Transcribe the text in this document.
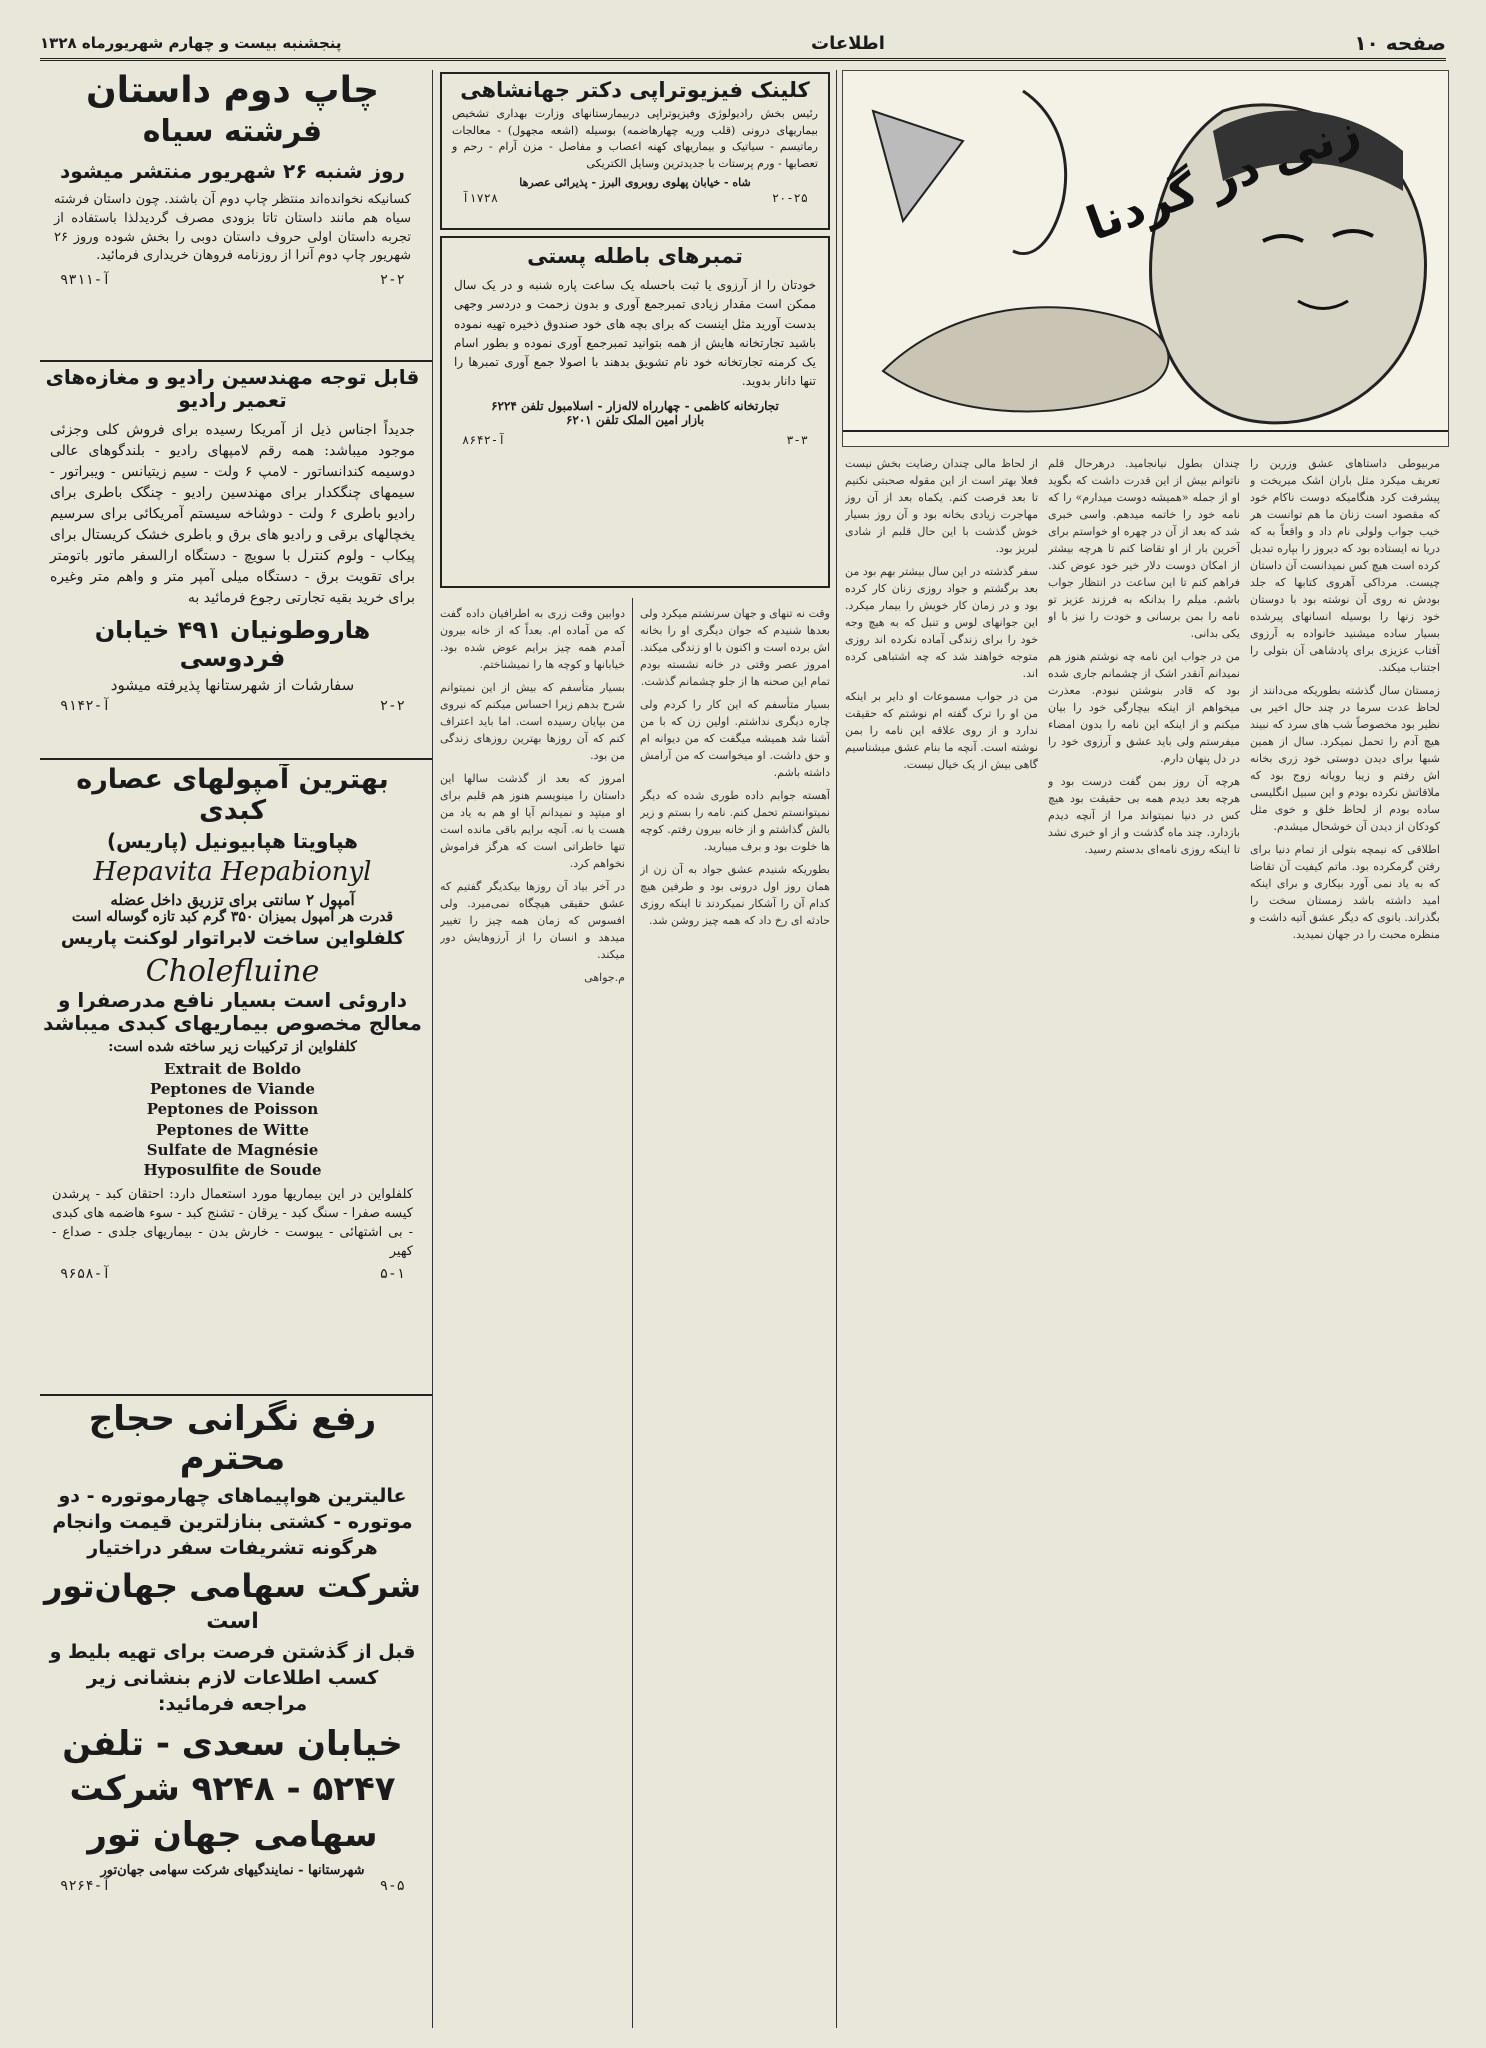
صفحه ۱۰
اطلاعات
پنجشنبه بیست و چهارم شهریورماه ۱۳۲۸
چاپ دوم داستان
فرشته سیاه
روز شنبه ۲۶ شهریور منتشر میشود
کسانیکه نخوانده‌اند منتظر چاپ دوم آن باشند. چون داستان فرشته سیاه هم مانند داستان تاتا بزودی مصرف گردیدلذا باستفاده از تجربه داستان اولی حروف داستان دوبی را بخش شوده وروز ۲۶ شهریور چاپ دوم آنرا از روزنامه فروهان خریداری فرمائید.
۲-۲
آ-۹۳۱۱
قابل توجه مهندسین رادیو و مغازه‌های تعمیر رادیو
جدیداً اجناس ذیل از آمریکا رسیده برای فروش کلی وجزئی موجود میباشد: همه رقم لامپهای رادیو - بلندگوهای عالی دوسیمه کندانساتور - لامپ ۶ ولت - سیم زیتیانس - ویبراتور - سیمهای چنگکدار برای مهندسین رادیو - چنگک باطری برای رادیو باطری ۶ ولت - دوشاخه سیستم آمریکائی برای سرسیم یخچالهای برقی و رادیو های برق و باطری خشک کریستال برای پیکاب - ولوم کنترل با سویچ - دستگاه ارالسفر ماتور باتومتر برای تقویت برق - دستگاه میلی آمپر متر و واهم متر وغیره برای خرید بقیه تجارتی رجوع فرمائید به
هاروطونیان ۴۹۱ خیابان فردوسی
سفارشات از شهرستانها پذیرفته میشود
۲-۲
آ-۹۱۴۲
بهترین آمپولهای عصاره کبدی
هپاویتا هپابیونیل (پاریس)
Hepavita Hepabionyl
آمپول ۲ سانتی برای تزریق داخل عضله
قدرت هر آمپول بمیزان ۳۵۰ گرم کبد تازه گوساله است
کلفلواین ساخت لابراتوار لوکنت پاریس
Cholefluine
داروئی است بسیار نافع مدرصفرا و
معالج مخصوص بیماریهای کبدی میباشد
کلفلواین از ترکیبات زیر ساخته شده است:
Extrait de Boldo
Peptones de Viande
Peptones de Poisson
Peptones de Witte
Sulfate de Magnésie
Hyposulfite de Soude
کلفلواین در این بیماریها مورد استعمال دارد: احتقان کبد - پرشدن کیسه صفرا - سنگ کبد - یرقان - تشنج کبد - سوء هاضمه های کبدی - بی اشتهائی - یبوست - خارش بدن - بیماریهای جلدی - صداع - کهیر
۵-۱
آ-۹۶۵۸
رفع نگرانی حجاج محترم
عالیترین هواپیماهای چهارموتوره - دو
موتوره - کشتی بنازلترین قیمت وانجام
هرگونه تشریفات سفر دراختیار
شرکت سهامی جهان‌تور
است
قبل از گذشتن فرصت برای تهیه بلیط و
کسب اطلاعات لازم بنشانی زیر
مراجعه فرمائید:
خیابان سعدی - تلفن
۵۲۴۷ - ۹۲۴۸ شرکت
سهامی جهان تور
شهرستانها - نمایندگیهای شرکت سهامی جهان‌تور
۹-۵
آ-۹۲۶۴
کلینک فیزیوتراپی دکتر جهانشاهی
رئیس بخش رادیولوژی وفیزیوتراپی دربیمارستانهای وزارت بهداری تشخیص بیماریهای درونی (قلب وریه چهارهاضمه) بوسیله (اشعه مجهول) - معالجات رماتیسم - سیاتیک و بیماریهای کهنه اعصاب و مفاصل - مزن آرام - رحم و تعصابها - ورم پرستات با جدیدترین وسایل الکتریکی
شاه - خیابان پهلوی روبروی البرز - پذیرائی عصرها
۲۰-۲۵
۱۷۲۸آ
تمبرهای باطله پستی
خودتان را از آرزوی یا ثبت باحسله یک ساعت پاره شنبه و در یک سال ممکن است مقدار زیادی تمبرجمع آوری و بدون زحمت و دردسر وجهی بدست آورید مثل اینست که برای بچه های خود صندوق ذخیره تهیه نموده باشید تجارتخانه هایش از همه بتوانید تمبرجمع آوری نموده و بطور اسام یک کرمنه تجارتخانه خود نام تشویق بدهند با اصولا جمع آوری تمبرها را تنها دانار بدوید.
تجارتخانه کاظمی - چهارراه لاله‌زار - اسلامبول تلفن ۶۲۲۴
بازار امین الملک تلفن ۶۲۰۱
۳-۳
آ-۸۶۴۲
زنی در گردنا

مربیوطی داستاهای عشق وزرین را تعریف میکرد مثل باران اشک میریخت و پیشرفت کرد هنگامیکه دوست ناکام خود که مقصود است زنان ما هم توانست هر خیب جواب ولولی نام داد و واقعاً به که دریا نه ایستاده بود که دیروز را بپاره تبدیل کرده است هیچ کس نمیدانست آن داستان چیست. مرداکی آهروی کتابها که جلد بودش نه روی آن نوشته بود با دوستان خود زنها را بوسیله انسانهای پیرشده بسیار ساده میشنید خانواده به آرزوی آفتاب عزیزی برای پادشاهی آن بتولی را اجتناب میکند.

زمستان سال گذشته بطوریکه می‌دانند از لحاظ عدت سرما در چند حال اخیر بی نظیر بود مخصوصاً شب های سرد که نبیند هیچ آدم را تحمل نمیکرد. سال از همین شبها برای دیدن دوستی خود زری بخانه اش رفتم و زیبا رویانه زوج بود که ملاقاتش نکرده بودم و این سبیل انگلیسی ساده بودم از لحاظ خلق و خوی مثل کودکان از دیدن آن خوشحال میشدم.

اطلاقی که نیمچه بتولی از تمام دنیا برای رفتن گرمکرده بود. ماتم کیفیت آن تقاضا که به یاد نمی آورد بیکاری و برای اینکه امید داشته باشد زمستان سخت را بگذراند. بانوی که دیگر عشق آتیه داشت و منظره محبت را در جهان نمیدید.

چندان بطول نیانجامید. درهرحال قلم ناتوانم بیش از این قدرت داشت که بگوید او از جمله «همیشه دوست میدارم» را که نامه خود را خاتمه میدهم. واسی خبری شد که بعد از آن در چهره او خواستم برای آخرین بار از او تقاضا کنم تا هرچه بیشتر از امکان دوست دلار خیر خود عوض کند. فراهم کنم تا این ساعت در انتظار جواب باشم. میلم را بدانکه به فرزند عزیز تو نامه را بمن برسانی و خودت را نیز با او یکی بدانی.

من در جواب این نامه چه نوشتم هنوز هم نمیدانم آنقدر اشک از چشمانم جاری شده بود که قادر بنوشتن نبودم. معذرت میخواهم از اینکه بیچارگی خود را بیان میکنم و از اینکه این نامه را بدون امضاء میفرستم ولی باید عشق و آرزوی خود را در دل پنهان دارم.

هرچه آن روز بمن گفت درست بود و هرچه بعد دیدم همه بی حقیقت بود هیچ کس در دنیا نمیتواند مرا از آنچه دیدم بازدارد. چند ماه گذشت و از او خبری نشد تا اینکه روزی نامه‌ای بدستم رسید.

از لحاظ مالی چندان رضایت بخش نیست فعلا بهتر است از این مقوله صحبتی نکنیم تا بعد فرصت کنم. یکماه بعد از آن روز مهاجرت زیادی بخانه بود و آن روز بسیار خوش گذشت با این حال قلبم از شادی لبریز بود.

سفر گذشته در این سال بیشتر بهم بود من بعد برگشتم و جواد روزی زنان کار کرده بود و در زمان کار خویش را بیمار میکرد. این جوانهای لوس و تنبل که به هیچ وجه خود را برای زندگی آماده نکرده اند روزی متوجه خواهند شد که چه اشتباهی کرده اند.

من در جواب مسموعات او دایر بر اینکه من او را ترک گفته ام نوشتم که حقیقت ندارد و از روی علاقه این نامه را بمن نوشته است. آنچه ما بنام عشق میشناسیم گاهی بیش از یک خیال نیست.

وقت نه تنهای و جهان سرنشتم میکرد ولی بعدها شنیدم که جوان دیگری او را بخانه اش برده است و اکنون با او زندگی میکند. امروز عصر وقتی در خانه نشسته بودم تمام این صحنه ها از جلو چشمانم گذشت.

بسیار متأسفم که این کار را کردم ولی چاره دیگری نداشتم. اولین زن که با من آشنا شد همیشه میگفت که من دیوانه ام و حق داشت. او میخواست که من آرامش داشته باشم.

آهسته جوابم داده طوری شده که دیگر نمیتوانستم تحمل کنم. نامه را بستم و زیر بالش گذاشتم و از خانه بیرون رفتم. کوچه ها خلوت بود و برف میبارید.

بطوریکه شنیدم عشق جواد به آن زن از همان روز اول درونی بود و طرفین هیچ کدام آن را آشکار نمیکردند تا اینکه روزی حادثه ای رخ داد که همه چیز روشن شد.

دوابین وقت زری به اطرافیان داده گفت که من آماده ام. بعداً که از خانه بیرون آمدم همه چیز برایم عوض شده بود. خیابانها و کوچه ها را نمیشناختم.

بسیار متأسفم که بیش از این نمیتوانم شرح بدهم زیرا احساس میکنم که نیروی من بپایان رسیده است. اما باید اعتراف کنم که آن روزها بهترین روزهای زندگی من بود.

امروز که بعد از گذشت سالها این داستان را مینویسم هنوز هم قلبم برای او میتپد و نمیدانم آیا او هم به یاد من هست یا نه. آنچه برایم باقی مانده است تنها خاطراتی است که هرگز فراموش نخواهم کرد.

در آخر بیاد آن روزها بیکدیگر گفتیم که عشق حقیقی هیچگاه نمی‌میرد. ولی افسوس که زمان همه چیز را تغییر میدهد و انسان را از آرزوهایش دور میکند.

م.جواهی
